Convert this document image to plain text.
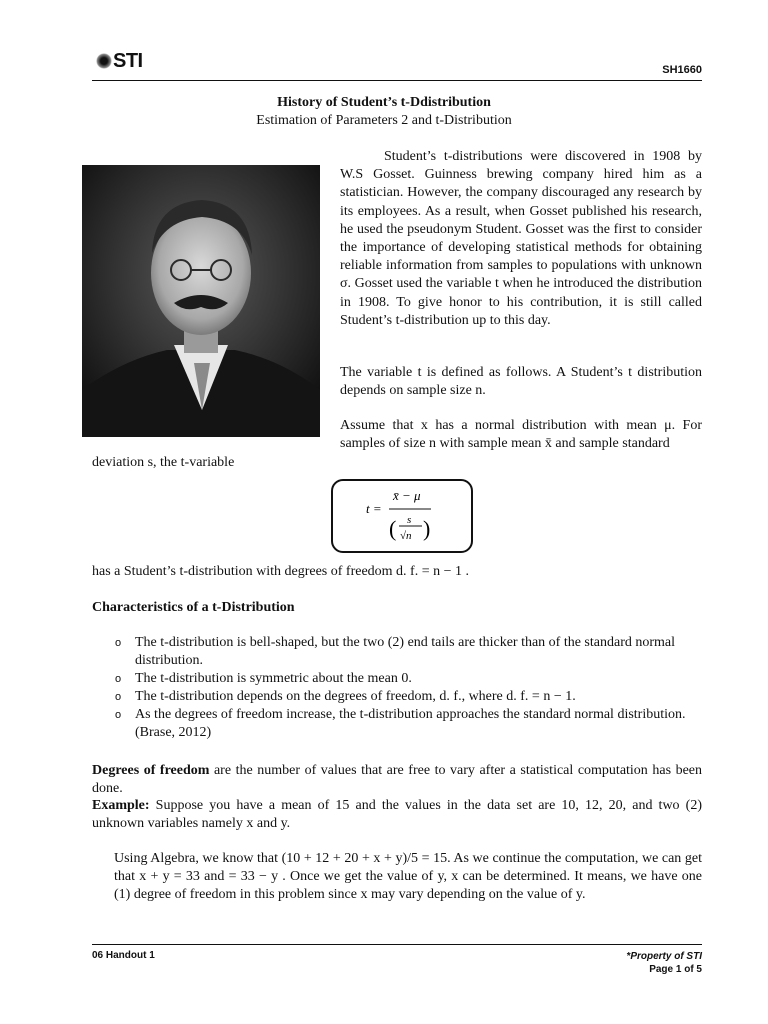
STI	SH1660
History of Student’s t-Ddistribution
Estimation of Parameters 2 and t-Distribution
Student’s t-distributions were discovered in 1908 by W.S Gosset. Guinness brewing company hired him as a statistician. However, the company discouraged any research by its employees. As a result, when Gosset published his research, he used the pseudonym Student. Gosset was the first to consider the importance of developing statistical methods for obtaining reliable information from samples to populations with unknown σ. Gosset used the variable t when he introduced the distribution in 1908. To give honor to his contribution, it is still called Student’s t-distribution up to this day.
The variable t is defined as follows. A Student’s t distribution depends on sample size n.
Assume that x has a normal distribution with mean μ. For samples of size n with sample mean x̄ and sample standard
deviation s, the t-variable
t =
x̄ − μ
( )
s
√n
has a Student’s t-distribution with degrees of freedom d. f. = n − 1 .
Characteristics of a t-Distribution
o The t-distribution is bell-shaped, but the two (2) end tails are thicker than of the standard normal distribution.
o The t-distribution is symmetric about the mean 0.
o The t-distribution depends on the degrees of freedom, d. f., where d. f. = n − 1.
o As the degrees of freedom increase, the t-distribution approaches the standard normal distribution. (Brase, 2012)
Degrees of freedom are the number of values that are free to vary after a statistical computation has been done.
Example: Suppose you have a mean of 15 and the values in the data set are 10, 12, 20, and two (2) unknown variables namely x and y.
Using Algebra, we know that (10 + 12 + 20 + x + y)/5 = 15. As we continue the computation, we can get that x + y = 33 and = 33 − y . Once we get the value of y, x can be determined. It means, we have one (1) degree of freedom in this problem since x may vary depending on the value of y.
06 Handout 1	*Property of STI
Page 1 of 5
